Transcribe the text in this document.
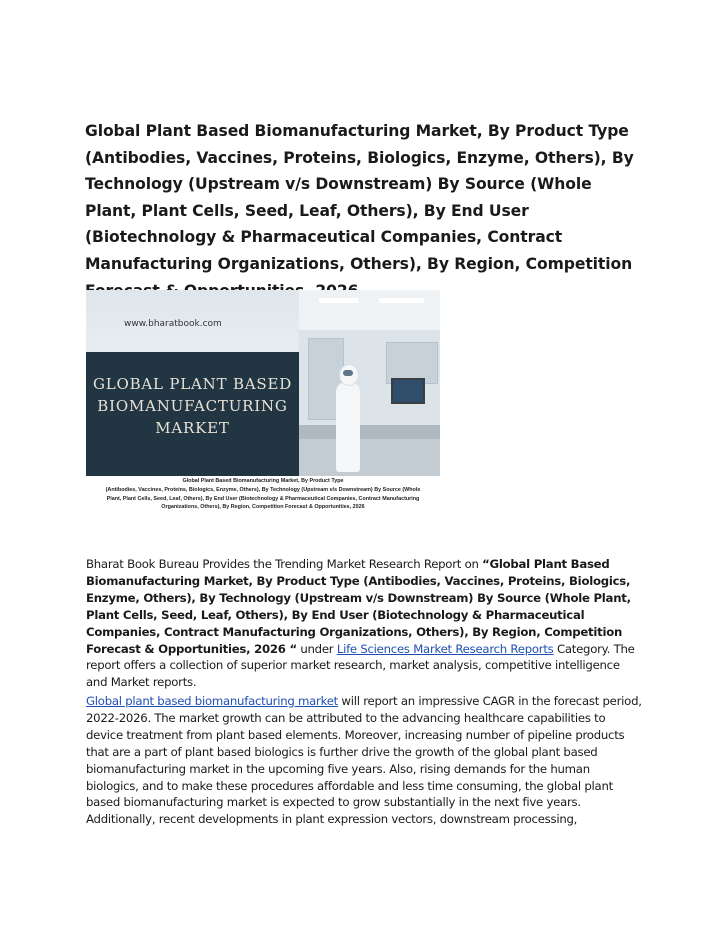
Global Plant Based Biomanufacturing Market, By Product Type (Antibodies, Vaccines, Proteins, Biologics, Enzyme, Others), By Technology (Upstream v/s Downstream) By Source (Whole Plant, Plant Cells, Seed, Leaf, Others), By End User (Biotechnology & Pharmaceutical Companies, Contract Manufacturing Organizations, Others), By Region, Competition
www.bharatbook.com
GLOBAL PLANT BASED
BIOMANUFACTURING
MARKET
Global Plant Based Biomanufacturing Market, By Product Type
(Antibodies, Vaccines, Proteins, Biologics, Enzyme, Others), By Technology (Upstream v/s Downstream) By Source (Whole
Plant, Plant Cells, Seed, Leaf, Others), By End User (Biotechnology & Pharmaceutical Companies, Contract Manufacturing
Organizations, Others), By Region, Competition Forecast & Opportunities, 2026

Bharat Book Bureau Provides the Trending Market Research Report on “Global Plant Based Biomanufacturing Market, By Product Type (Antibodies, Vaccines, Proteins, Biologics, Enzyme, Others), By Technology (Upstream v/s Downstream) By Source (Whole Plant, Plant Cells, Seed, Leaf, Others), By End User (Biotechnology & Pharmaceutical Companies, Contract Manufacturing Organizations, Others), By Region, Competition Forecast & Opportunities, 2026 “ under Life Sciences Market Research Reports Category. The report offers a collection of superior market research, market analysis, competitive intelligence and Market reports.

Global plant based biomanufacturing market will report an impressive CAGR in the forecast period, 2022-2026. The market growth can be attributed to the advancing healthcare capabilities to device treatment from plant based elements. Moreover, increasing number of pipeline products that are a part of plant based biologics is further drive the growth of the global plant based biomanufacturing market in the upcoming five years. Also, rising demands for the human biologics, and to make these procedures affordable and less time consuming, the global plant based biomanufacturing market is expected to grow substantially in the next five years. Additionally, recent developments in plant expression vectors, downstream processing,
